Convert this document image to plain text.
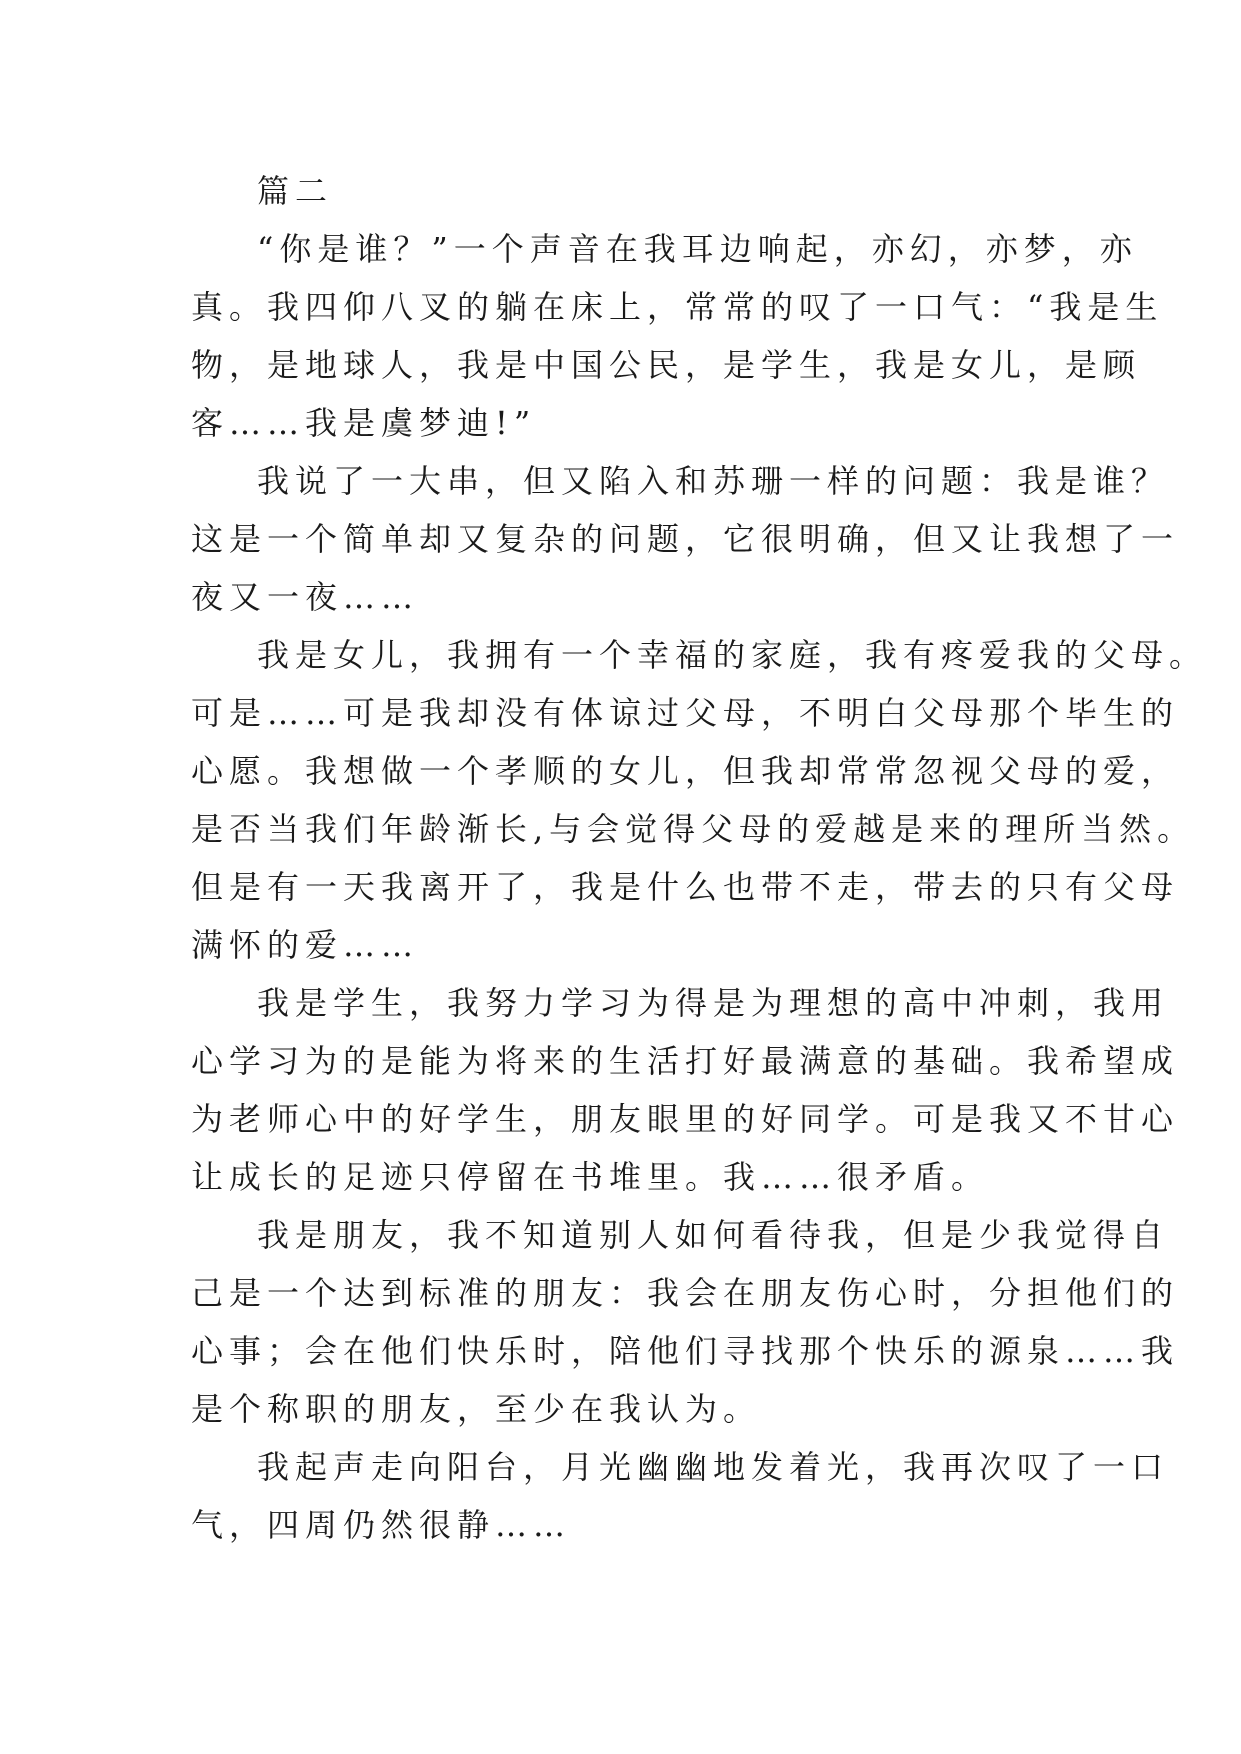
篇二
“你是谁？”一个声音在我耳边响起，亦幻，亦梦，亦
真。我四仰八叉的躺在床上，常常的叹了一口气：“我是生
物，是地球人，我是中国公民，是学生，我是女儿，是顾
客……我是虞梦迪!”
我说了一大串，但又陷入和苏珊一样的问题：我是谁？
这是一个简单却又复杂的问题，它很明确，但又让我想了一
夜又一夜……
我是女儿，我拥有一个幸福的家庭，我有疼爱我的父母。
可是……可是我却没有体谅过父母，不明白父母那个毕生的
心愿。我想做一个孝顺的女儿，但我却常常忽视父母的爱，
是否当我们年龄渐长,与会觉得父母的爱越是来的理所当然。
但是有一天我离开了，我是什么也带不走，带去的只有父母
满怀的爱……
我是学生，我努力学习为得是为理想的高中冲刺，我用
心学习为的是能为将来的生活打好最满意的基础。我希望成
为老师心中的好学生，朋友眼里的好同学。可是我又不甘心
让成长的足迹只停留在书堆里。我……很矛盾。
我是朋友，我不知道别人如何看待我，但是少我觉得自
己是一个达到标准的朋友：我会在朋友伤心时，分担他们的
心事；会在他们快乐时，陪他们寻找那个快乐的源泉……我
是个称职的朋友，至少在我认为。
我起声走向阳台，月光幽幽地发着光，我再次叹了一口
气，四周仍然很静……
